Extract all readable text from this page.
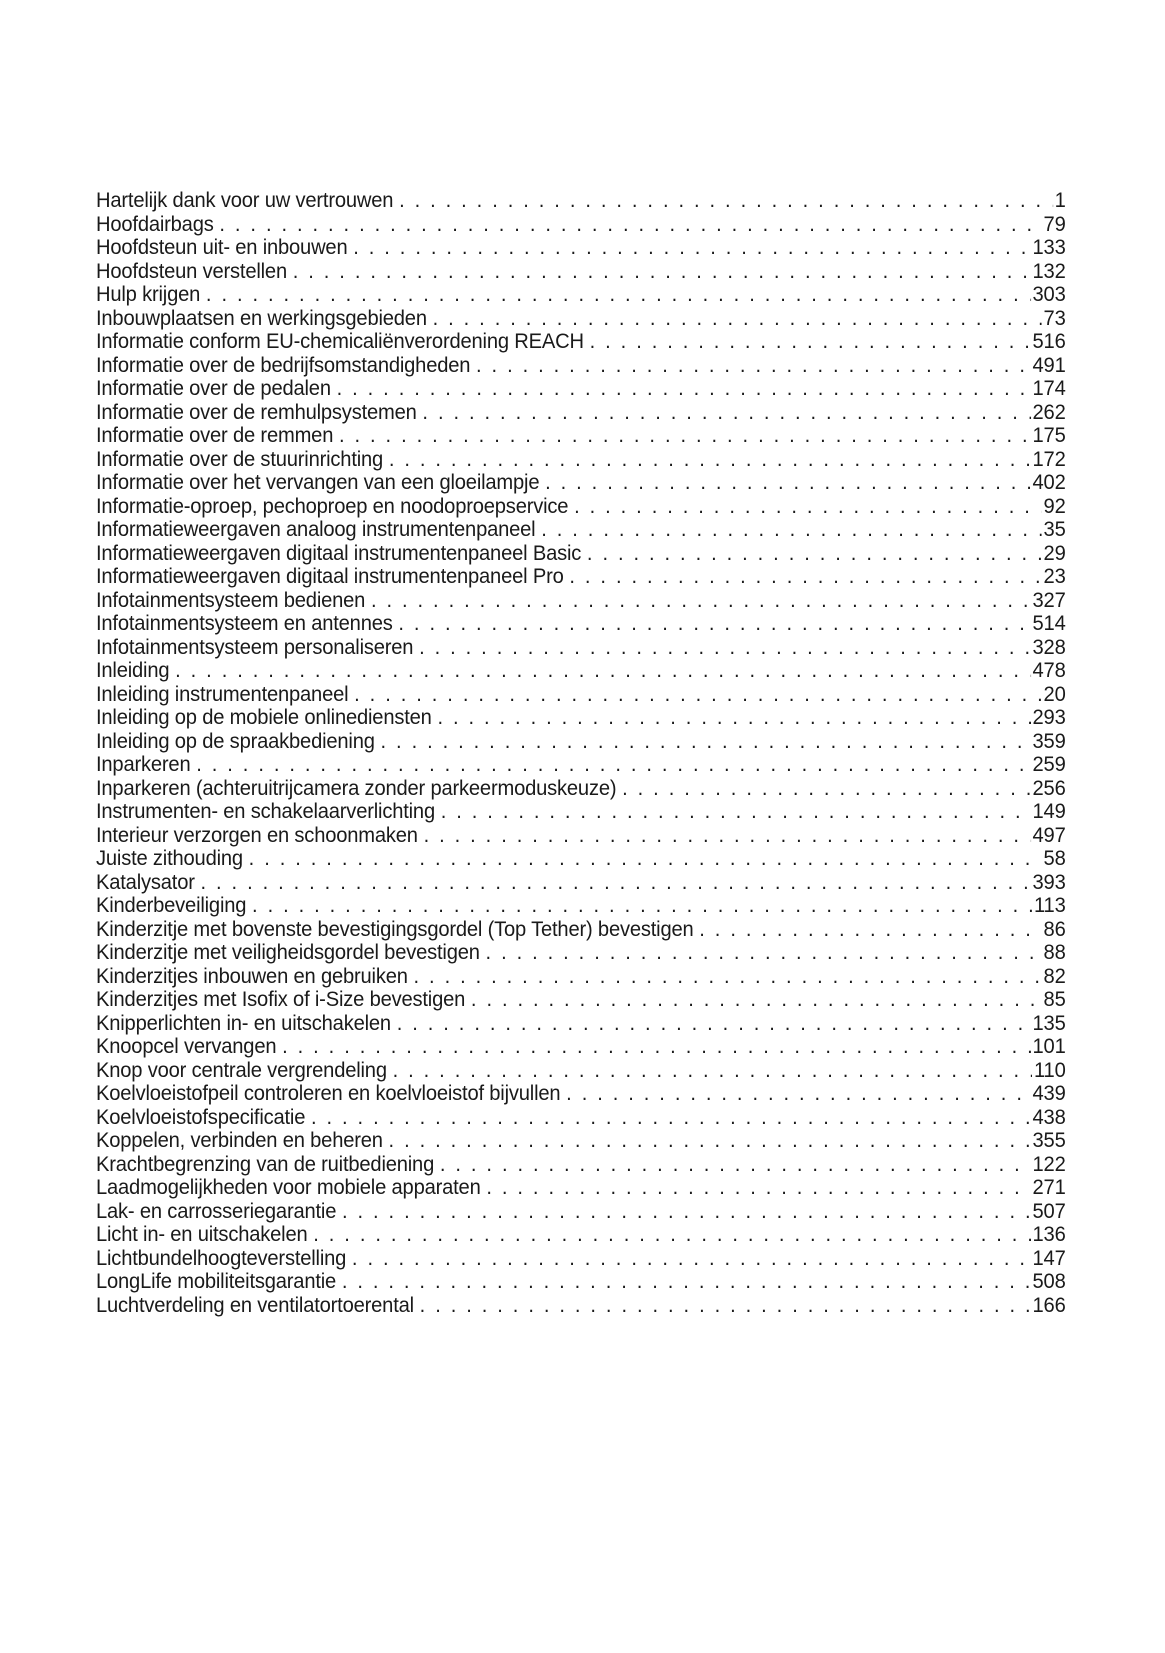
Hartelijk dank voor uw vertrouwen . . .	1
Hoofdairbags . . .	79
Hoofdsteun uit- en inbouwen . . .	133
Hoofdsteun verstellen . . .	132
Hulp krijgen . . .	303
Inbouwplaatsen en werkingsgebieden . . .	73
Informatie conform EU-chemicaliënverordening REACH . . .	516
Informatie over de bedrijfsomstandigheden . . .	491
Informatie over de pedalen . . .	174
Informatie over de remhulpsystemen . . .	262
Informatie over de remmen . . .	175
Informatie over de stuurinrichting . . .	172
Informatie over het vervangen van een gloeilampje . . .	402
Informatie-oproep, pechoproep en noodoproepservice . . .	92
Informatieweergaven analoog instrumentenpaneel . . .	35
Informatieweergaven digitaal instrumentenpaneel Basic . . .	29
Informatieweergaven digitaal instrumentenpaneel Pro . . .	23
Infotainmentsysteem bedienen . . .	327
Infotainmentsysteem en antennes . . .	514
Infotainmentsysteem personaliseren . . .	328
Inleiding . . .	478
Inleiding instrumentenpaneel . . .	20
Inleiding op de mobiele onlinediensten . . .	293
Inleiding op de spraakbediening . . .	359
Inparkeren . . .	259
Inparkeren (achteruitrijcamera zonder parkeermoduskeuze) . . .	256
Instrumenten- en schakelaarverlichting . . .	149
Interieur verzorgen en schoonmaken . . .	497
Juiste zithouding . . .	58
Katalysator . . .	393
Kinderbeveiliging . . .	113
Kinderzitje met bovenste bevestigingsgordel (Top Tether) bevestigen . . .	86
Kinderzitje met veiligheidsgordel bevestigen . . .	88
Kinderzitjes inbouwen en gebruiken . . .	82
Kinderzitjes met Isofix of i-Size bevestigen . . .	85
Knipperlichten in- en uitschakelen . . .	135
Knoopcel vervangen . . .	101
Knop voor centrale vergrendeling . . .	110
Koelvloeistofpeil controleren en koelvloeistof bijvullen . . .	439
Koelvloeistofspecificatie . . .	438
Koppelen, verbinden en beheren . . .	355
Krachtbegrenzing van de ruitbediening . . .	122
Laadmogelijkheden voor mobiele apparaten . . .	271
Lak- en carrosseriegarantie . . .	507
Licht in- en uitschakelen . . .	136
Lichtbundelhoogteverstelling . . .	147
LongLife mobiliteitsgarantie . . .	508
Luchtverdeling en ventilatortoerental . . .	166
